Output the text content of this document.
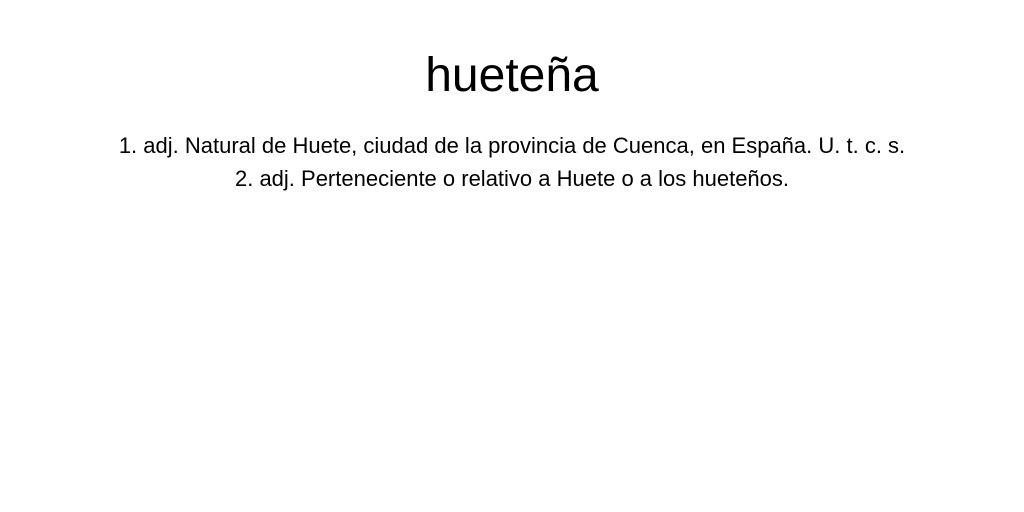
hueteña
1. adj. Natural de Huete, ciudad de la provincia de Cuenca, en España. U. t. c. s.
2. adj. Perteneciente o relativo a Huete o a los hueteños.
